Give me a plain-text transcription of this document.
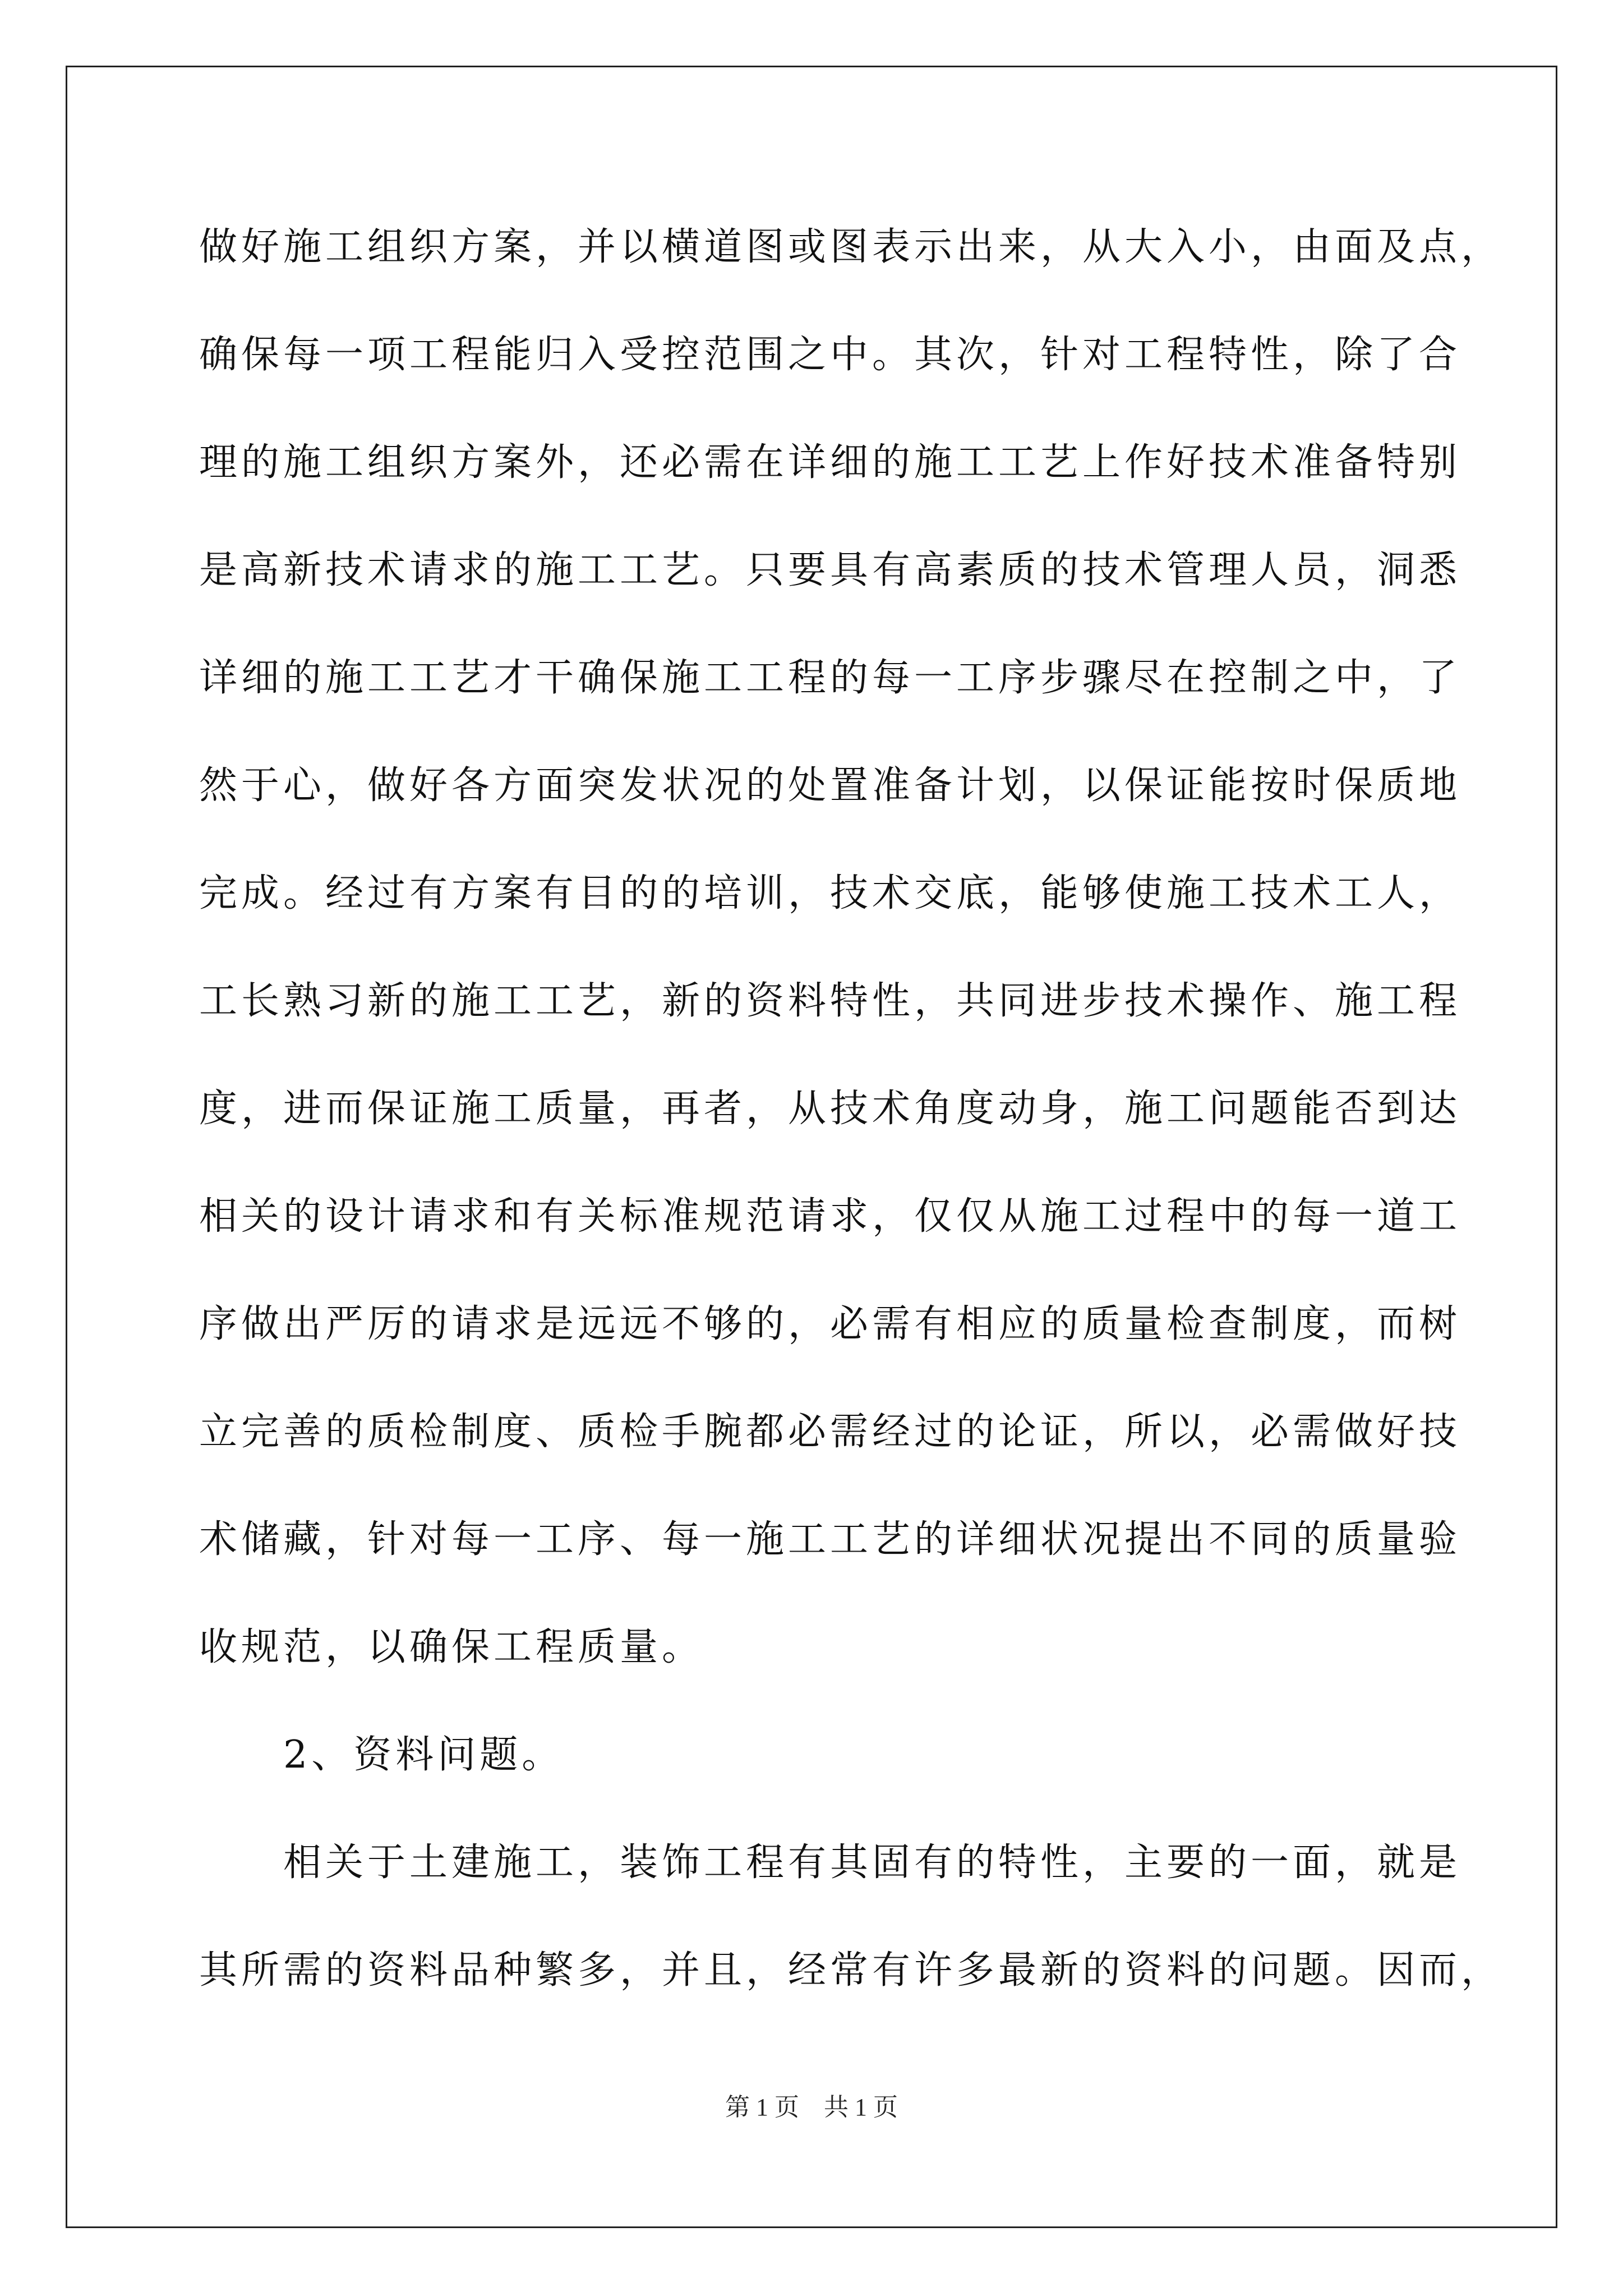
做好施工组织方案，并以横道图或图表示出来，从大入小，由面及点，
确保每一项工程能归入受控范围之中。其次，针对工程特性，除了合
理的施工组织方案外，还必需在详细的施工工艺上作好技术准备特别
是高新技术请求的施工工艺。只要具有高素质的技术管理人员，洞悉
详细的施工工艺才干确保施工工程的每一工序步骤尽在控制之中，了
然于心，做好各方面突发状况的处置准备计划，以保证能按时保质地
完成。经过有方案有目的的培训，技术交底，能够使施工技术工人，
工长熟习新的施工工艺，新的资料特性，共同进步技术操作、施工程
度，进而保证施工质量，再者，从技术角度动身，施工问题能否到达
相关的设计请求和有关标准规范请求，仅仅从施工过程中的每一道工
序做出严厉的请求是远远不够的，必需有相应的质量检查制度，而树
立完善的质检制度、质检手腕都必需经过的论证，所以，必需做好技
术储藏，针对每一工序、每一施工工艺的详细状况提出不同的质量验
收规范，以确保工程质量。
　　2、资料问题。
　　相关于土建施工，装饰工程有其固有的特性，主要的一面，就是
其所需的资料品种繁多，并且，经常有许多最新的资料的问题。因而，
第 1 页　共 1 页
